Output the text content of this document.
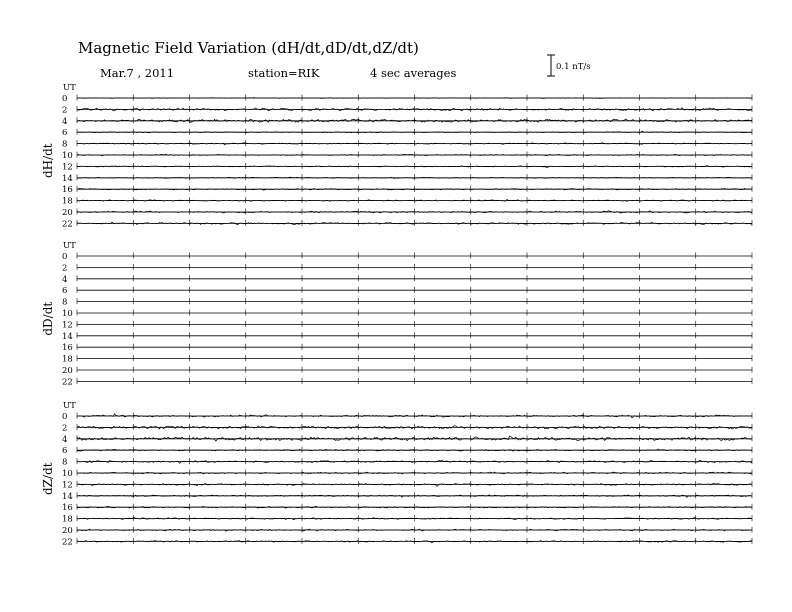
Magnetic Field Variation (dH/dt,dD/dt,dZ/dt)
Mar.7 , 2011	station=RIK	4 sec averages	0.1 nT/s
UT
dH/dt
0
2
4
6
8
10
12
14
16
18
20
22
UT
dD/dt
0
2
4
6
8
10
12
14
16
18
20
22
UT
dZ/dt
0
2
4
6
8
10
12
14
16
18
20
22
